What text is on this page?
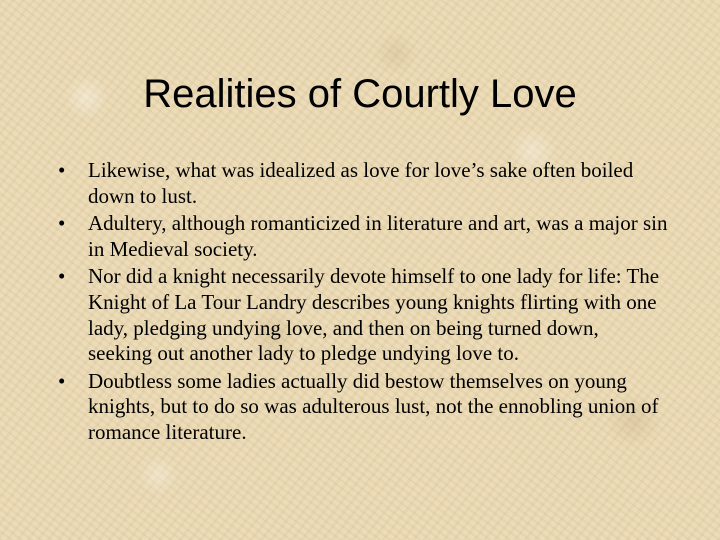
Realities of Courtly Love
•	Likewise, what was idealized as love for love’s sake often boiled down to lust.
•	Adultery, although romanticized in literature and art, was a major sin in Medieval society.
•	Nor did a knight necessarily devote himself to one lady for life: The Knight of La Tour Landry describes young knights flirting with one lady, pledging undying love, and then on being turned down, seeking out another lady to pledge undying love to.
•	Doubtless some ladies actually did bestow themselves on young knights, but to do so was adulterous lust, not the ennobling union of romance literature.
